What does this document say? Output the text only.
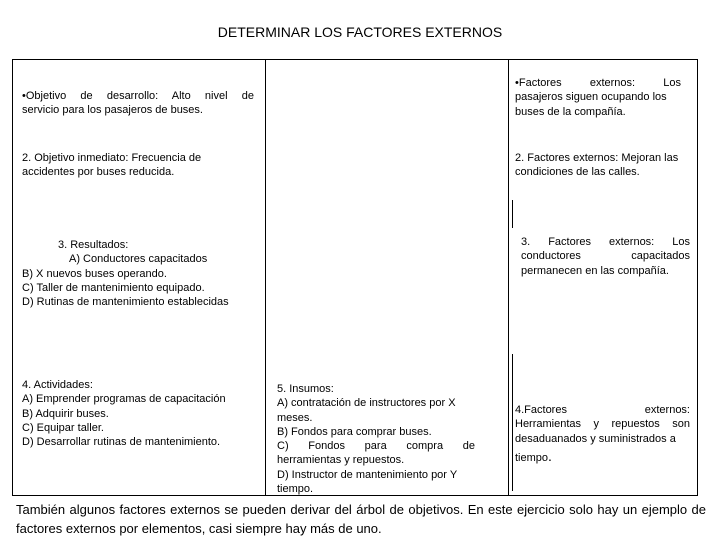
DETERMINAR LOS FACTORES EXTERNOS

•Objetivo de desarrollo: Alto nivel de

servicio para los pasajeros de buses.

2. Objetivo inmediato: Frecuencia de

accidentes por buses reducida.

3. Resultados:

A) Conductores capacitados

B) X nuevos buses operando.

C) Taller de mantenimiento equipado.

D) Rutinas de mantenimiento establecidas

4. Actividades:

A) Emprender programas de capacitación

B) Adquirir buses.

C) Equipar taller.

D) Desarrollar rutinas de mantenimiento.

5. Insumos:

A) contratación de instructores por X

meses.

B) Fondos para comprar buses.

C) Fondos para compra de

herramientas y repuestos.

D) Instructor de mantenimiento por Y

tiempo.

•Factores externos: Los

pasajeros siguen ocupando los

buses de la compañía.

2. Factores externos: Mejoran las

condiciones de las calles.

3. Factores externos: Los

conductores capacitados

permanecen en las compañía.

4.Factores externos:

Herramientas y repuestos son

desaduanados y suministrados a

tiempo.

También algunos factores externos se pueden derivar del árbol de objetivos. En este ejercicio solo hay un ejemplo de factores externos por elementos, casi siempre hay más de uno.
